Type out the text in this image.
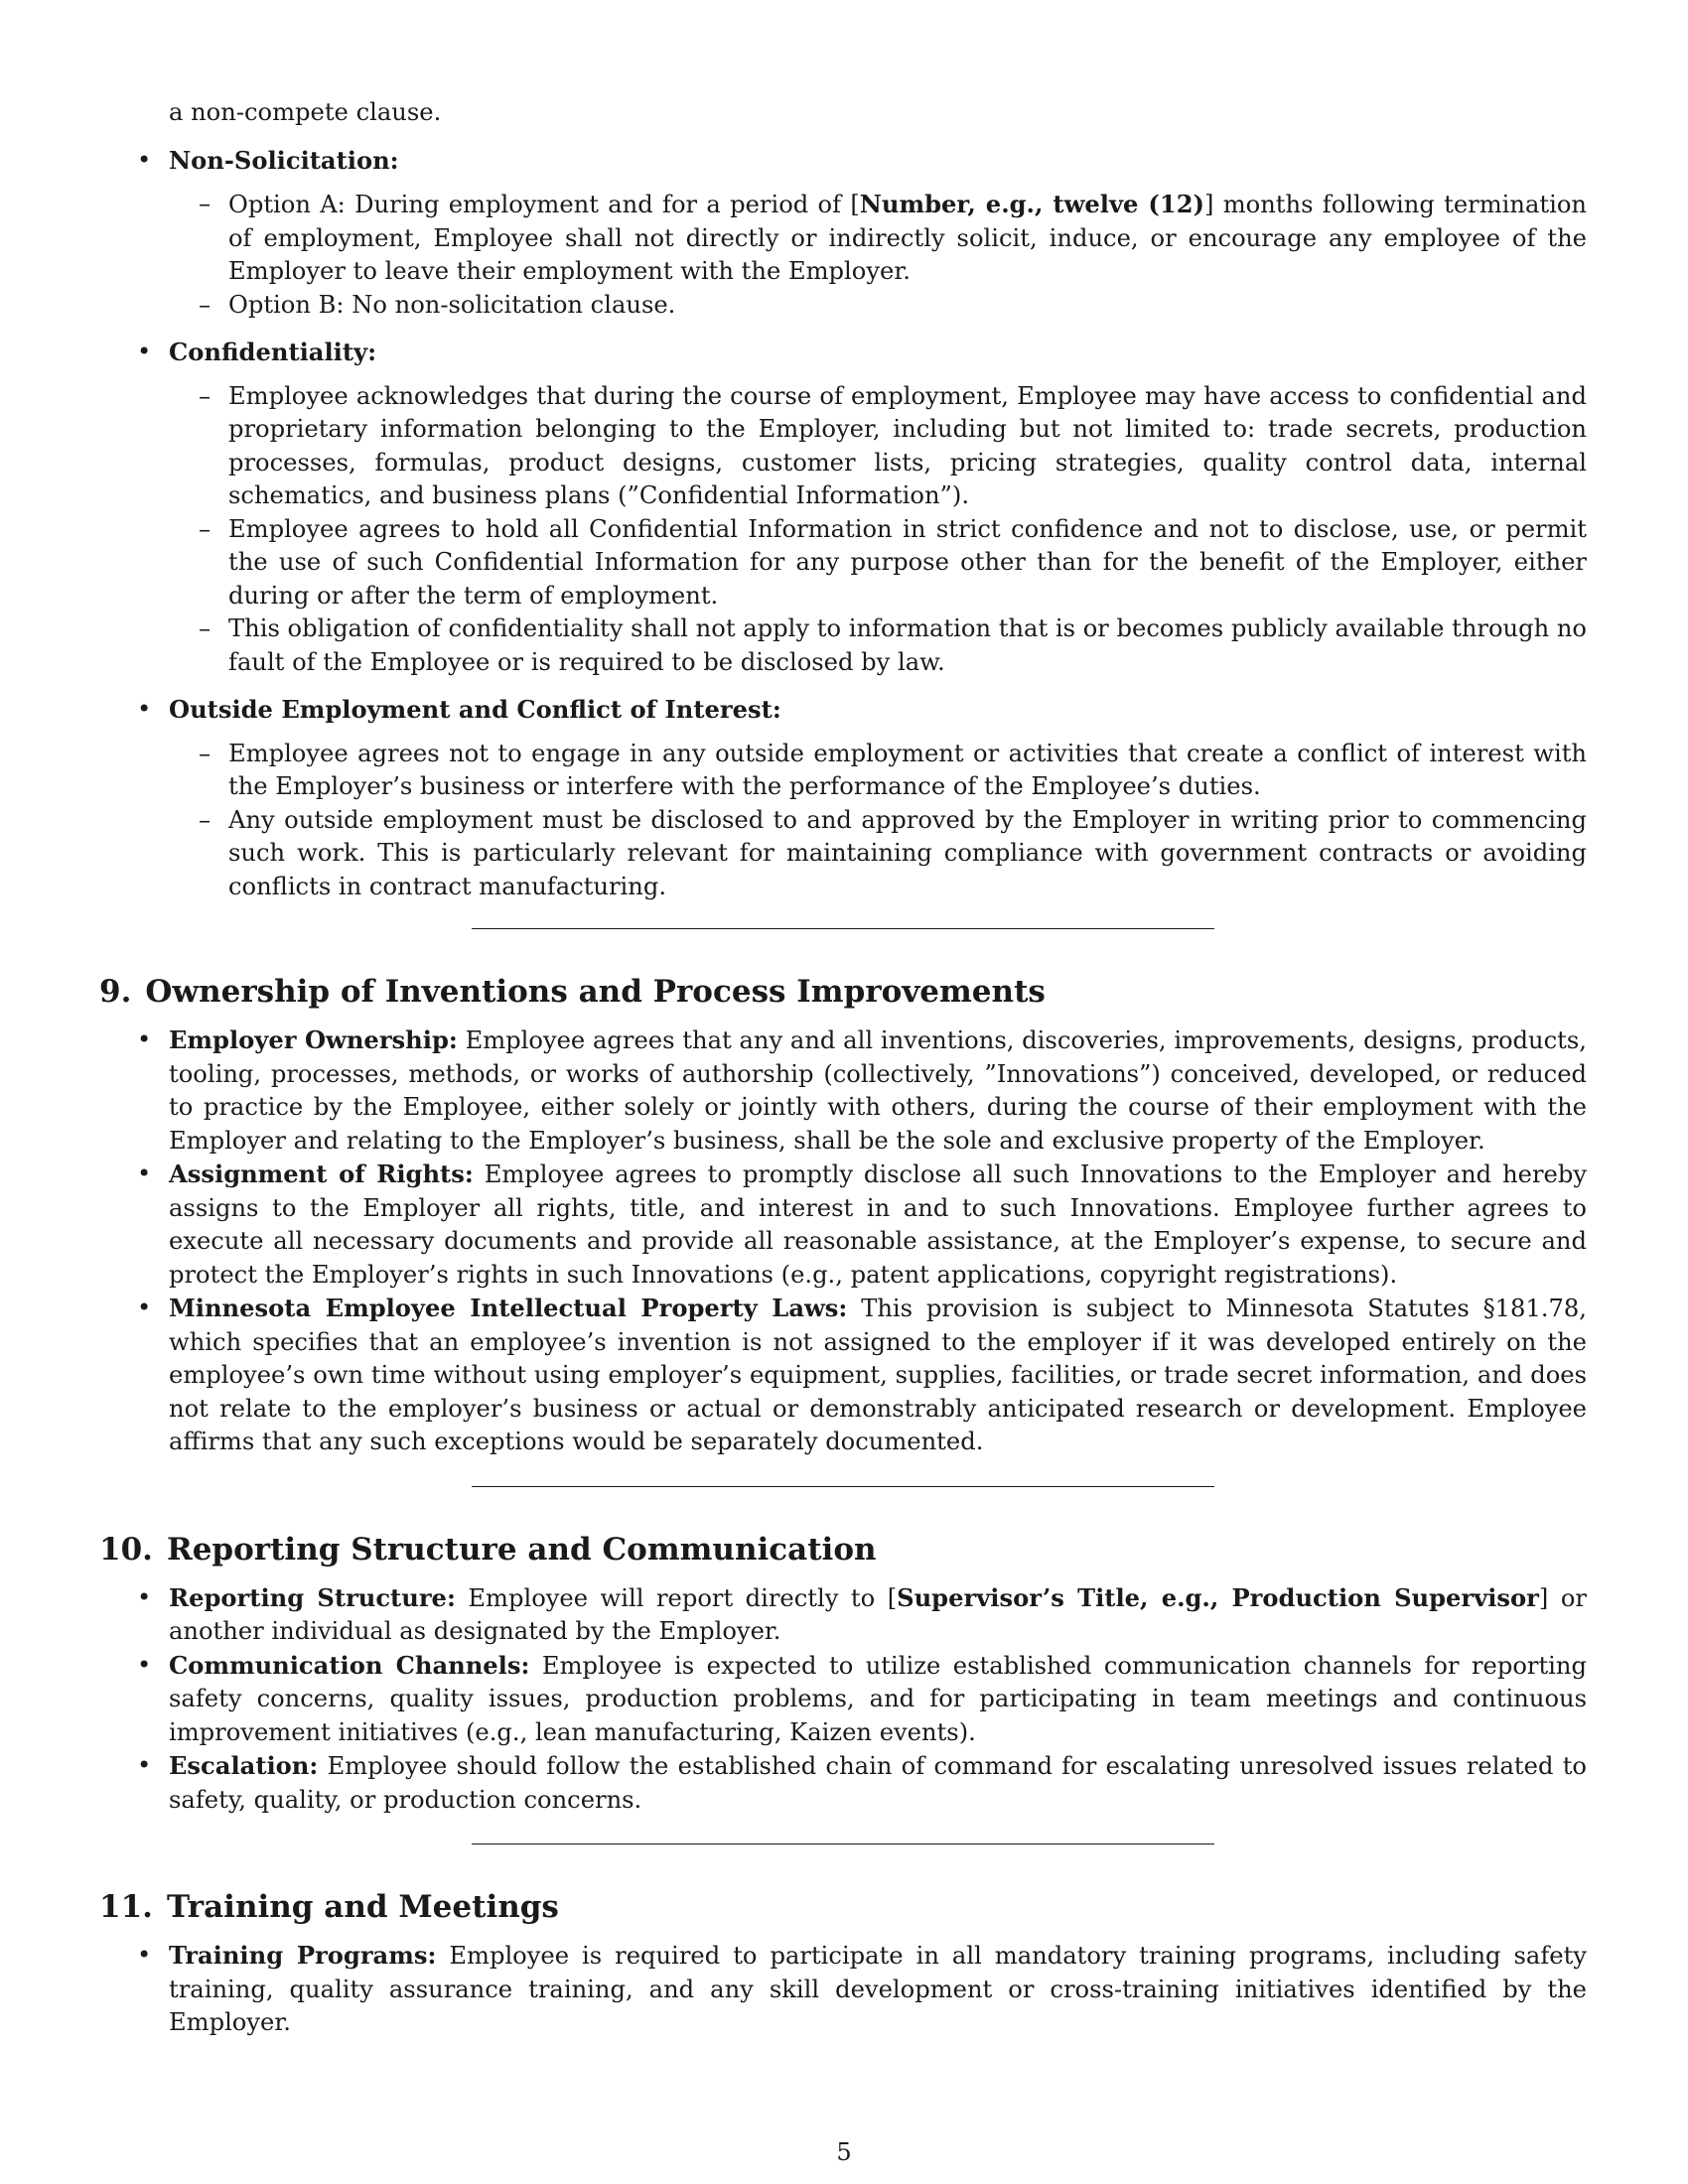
a non-compete clause.

• Non-Solicitation:
– Option A: During employment and for a period of [Number, e.g., twelve (12)] months following termination of employment, Employee shall not directly or indirectly solicit, induce, or encourage any employee of the Employer to leave their employment with the Employer.
– Option B: No non-solicitation clause.
• Confidentiality:
– Employee acknowledges that during the course of employment, Employee may have access to confidential and proprietary information belonging to the Employer, including but not limited to: trade secrets, production processes, formulas, product designs, customer lists, pricing strategies, quality control data, internal schematics, and business plans (”Confidential Information”).
– Employee agrees to hold all Confidential Information in strict confidence and not to disclose, use, or permit the use of such Confidential Information for any purpose other than for the benefit of the Employer, either during or after the term of employment.
– This obligation of confidentiality shall not apply to information that is or becomes publicly available through no fault of the Employee or is required to be disclosed by law.
• Outside Employment and Conflict of Interest:
– Employee agrees not to engage in any outside employment or activities that create a conflict of interest with the Employer’s business or interfere with the performance of the Employee’s duties.
– Any outside employment must be disclosed to and approved by the Employer in writing prior to commencing such work. This is particularly relevant for maintaining compliance with government contracts or avoiding conflicts in contract manufacturing.
9. Ownership of Inventions and Process Improvements
• Employer Ownership: Employee agrees that any and all inventions, discoveries, improvements, designs, products, tooling, processes, methods, or works of authorship (collectively, ”Innovations”) conceived, developed, or reduced to practice by the Employee, either solely or jointly with others, during the course of their employment with the Employer and relating to the Employer’s business, shall be the sole and exclusive property of the Employer.
• Assignment of Rights: Employee agrees to promptly disclose all such Innovations to the Employer and hereby assigns to the Employer all rights, title, and interest in and to such Innovations. Employee further agrees to execute all necessary documents and provide all reasonable assistance, at the Employer’s expense, to secure and protect the Employer’s rights in such Innovations (e.g., patent applications, copyright registrations).
• Minnesota Employee Intellectual Property Laws: This provision is subject to Minnesota Statutes §181.78, which specifies that an employee’s invention is not assigned to the employer if it was developed entirely on the employee’s own time without using employer’s equipment, supplies, facilities, or trade secret information, and does not relate to the employer’s business or actual or demonstrably anticipated research or development. Employee affirms that any such exceptions would be separately documented.
10. Reporting Structure and Communication
• Reporting Structure: Employee will report directly to [Supervisor’s Title, e.g., Production Supervisor] or another individual as designated by the Employer.
• Communication Channels: Employee is expected to utilize established communication channels for reporting safety concerns, quality issues, production problems, and for participating in team meetings and continuous improvement initiatives (e.g., lean manufacturing, Kaizen events).
• Escalation: Employee should follow the established chain of command for escalating unresolved issues related to safety, quality, or production concerns.
11. Training and Meetings
• Training Programs: Employee is required to participate in all mandatory training programs, including safety training, quality assurance training, and any skill development or cross-training initiatives identified by the Employer.
5
